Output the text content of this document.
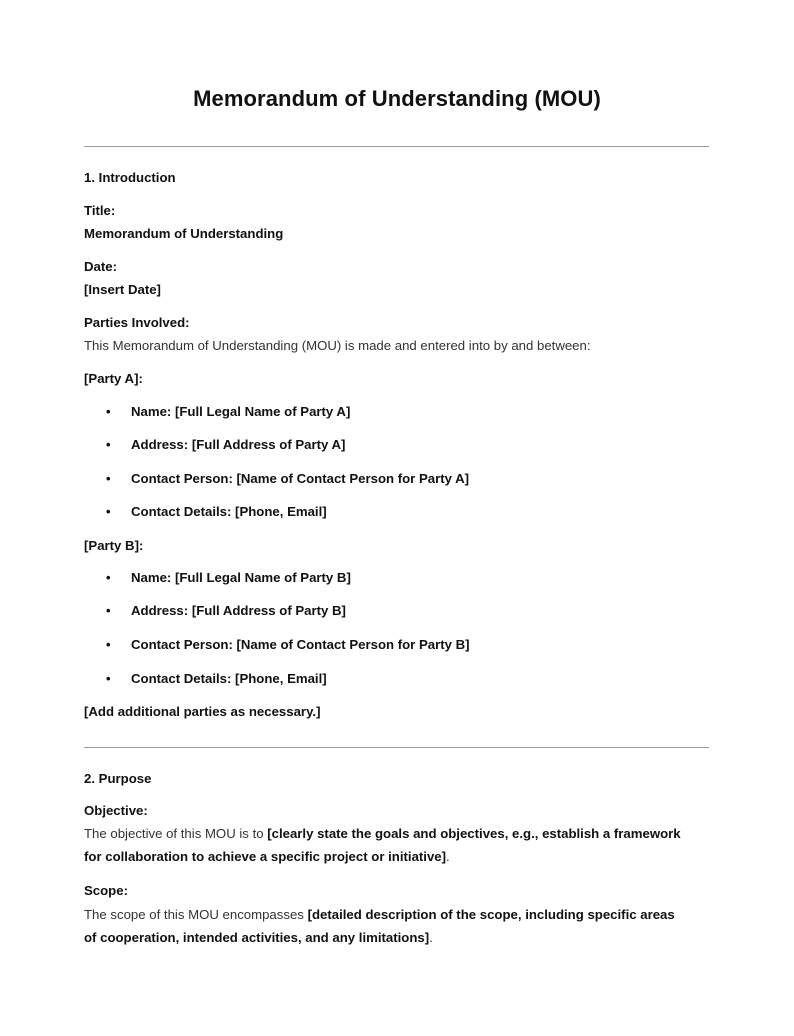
Memorandum of Understanding (MOU)
1. Introduction
Title:
Memorandum of Understanding
Date:
[Insert Date]
Parties Involved:
This Memorandum of Understanding (MOU) is made and entered into by and between:
[Party A]:
• Name: [Full Legal Name of Party A]
• Address: [Full Address of Party A]
• Contact Person: [Name of Contact Person for Party A]
• Contact Details: [Phone, Email]
[Party B]:
• Name: [Full Legal Name of Party B]
• Address: [Full Address of Party B]
• Contact Person: [Name of Contact Person for Party B]
• Contact Details: [Phone, Email]
[Add additional parties as necessary.]
2. Purpose
Objective:
The objective of this MOU is to [clearly state the goals and objectives, e.g., establish a framework for collaboration to achieve a specific project or initiative].
Scope:
The scope of this MOU encompasses [detailed description of the scope, including specific areas of cooperation, intended activities, and any limitations].
